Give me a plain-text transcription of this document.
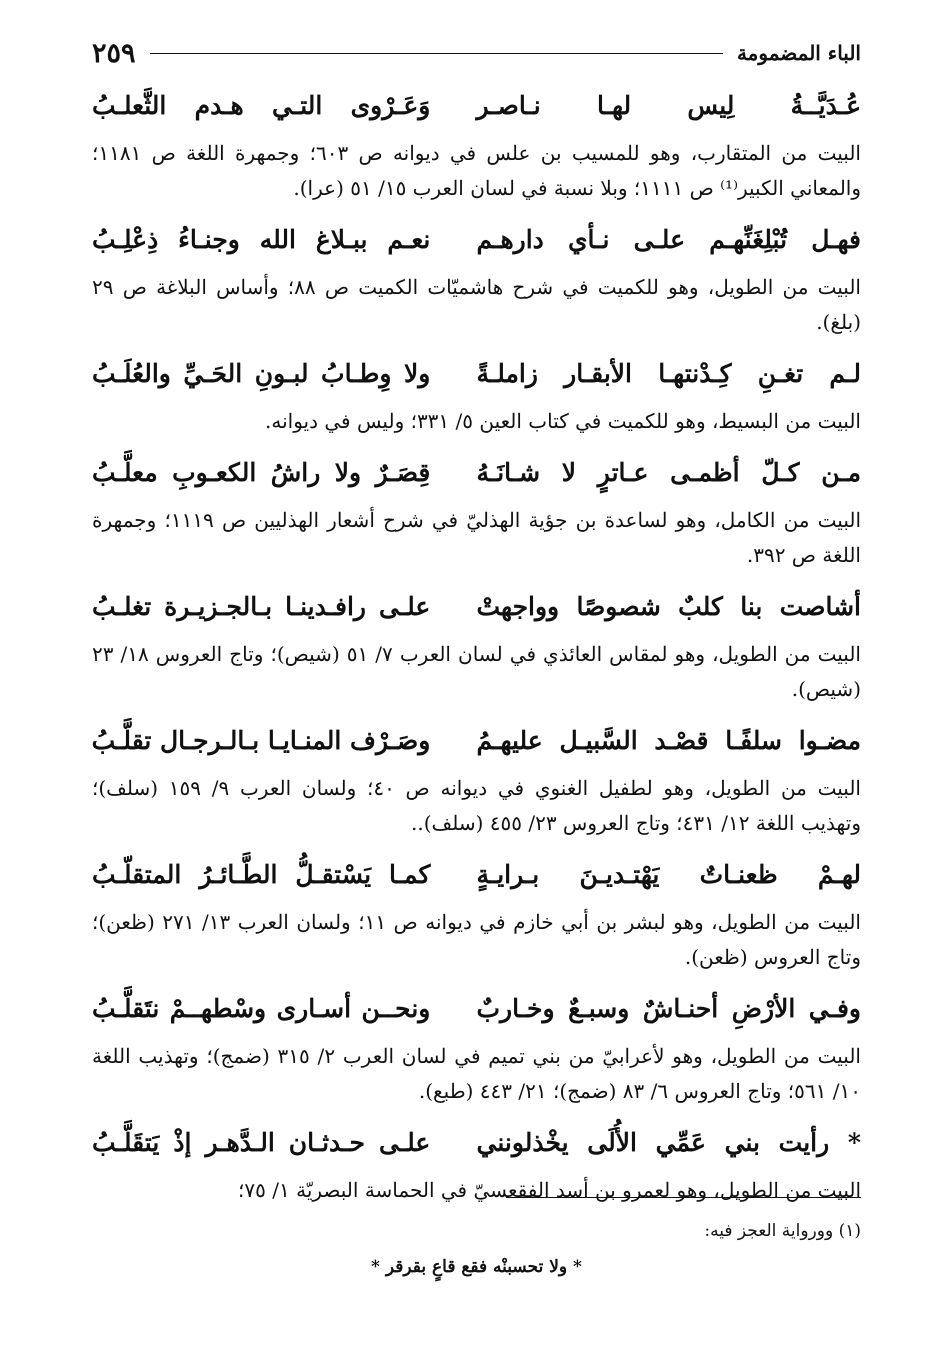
الباء المضمومة
٢٥٩
عُـدَيَّــةُ لِيس لهـا نـاصـر
وَعَـرْوى التـي هـدم الثَّعلـبُ
البيت من المتقارب، وهو للمسيب بن علس في ديوانه ص ٦٠٣؛ وجمهرة اللغة ص ١١٨١؛ والمعاني الكبير⁽¹⁾ ص ١١١١؛ وبلا نسبة في لسان العرب ١٥/ ٥١ (عرا).
فهـل تُبْلِغَنِّهـم علـى نـأي دارهـم
نعـم ببـلاغ الله وجنـاءُ ذِعْلِـبُ
البيت من الطويل، وهو للكميت في شرح هاشميّات الكميت ص ٨٨؛ وأساس البلاغة ص ٢٩ (بلغ).
لـم تغـنِ كِـدْنتهـا الأبقـار زاملـةً
ولا وِطـابُ لبـونِ الحَـيِّ والعُلَـبُ
البيت من البسيط، وهو للكميت في كتاب العين ٥/ ٣٣١؛ وليس في ديوانه.
مـن كـلّ أظمـى عـاترٍ لا شـانَـهُ
قِصَـرٌ ولا راشُ الكعـوبِ معلَّـبُ
البيت من الكامل، وهو لساعدة بن جؤية الهذليّ في شرح أشعار الهذليين ص ١١١٩؛ وجمهرة اللغة ص ٣٩٢.
أشاصت بنا كلبٌ شصوصًا وواجهتْ
علـى رافـدينـا بـالجـزيـرة تغلـبُ
البيت من الطويل، وهو لمقاس العائذي في لسان العرب ٧/ ٥١ (شيص)؛ وتاج العروس ١٨/ ٢٣ (شيص).
مضـوا سلفًـا قصْـد السَّبيـل عليهـمُ
وصَـرْف المنـايـا بـالـرجـال تقلَّـبُ
البيت من الطويل، وهو لطفيل الغنوي في ديوانه ص ٤٠؛ ولسان العرب ٩/ ١٥٩ (سلف)؛ وتهذيب اللغة ١٢/ ٤٣١؛ وتاج العروس ٢٣/ ٤٥٥ (سلف)..
لهـمْ ظعنـاتٌ يَهْتـديـنَ بـرايـةٍ
كمـا يَسْتقـلُّ الطَّـائـرُ المتقلّـبُ
البيت من الطويل، وهو لبشر بن أبي خازم في ديوانه ص ١١؛ ولسان العرب ١٣/ ٢٧١ (ظعن)؛ وتاج العروس (ظعن).
وفـي الأرْضِ أحنـاشٌ وسبـعٌ وخـاربٌ
ونحــن أسـارى وسْطهــمْ نتَقلَّـبُ
البيت من الطويل، وهو لأعرابيّ من بني تميم في لسان العرب ٢/ ٣١٥ (ضمج)؛ وتهذيب اللغة ١٠/ ٥٦١؛ وتاج العروس ٦/ ٨٣ (ضمج)؛ ٢١/ ٤٤٣ (طبع).
* رأيت بني عَمِّي الأُلَى يخْذلونني
علـى حـدثـان الـدَّهـر إذْ يَتقَلَّـبُ
البيت من الطويل، وهو لعمرو بن أسد الفقعسيّ في الحماسة البصريّة ١/ ٧٥؛
(١) وورواية العجز فيه:
* ولا تحسبنْه فقع قاعٍ بقرقر *
